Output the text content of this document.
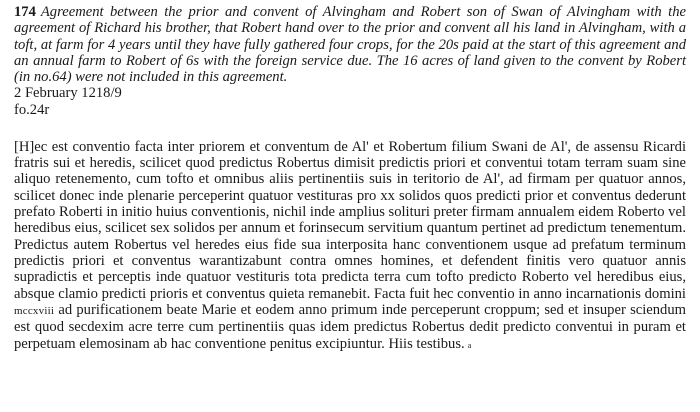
174 Agreement between the prior and convent of Alvingham and Robert son of Swan of Alvingham with the agreement of Richard his brother, that Robert hand over to the prior and convent all his land in Alvingham, with a toft, at farm for 4 years until they have fully gathered four crops, for the 20s paid at the start of this agreement and an annual farm to Robert of 6s with the foreign service due. The 16 acres of land given to the convent by Robert (in no.64) were not included in this agreement.

2 February 1218/9

fo.24r

[H]ec est conventio facta inter priorem et conventum de Al' et Robertum filium Swani de Al', de assensu Ricardi fratris sui et heredis, scilicet quod predictus Robertus dimisit predictis priori et conventui totam terram suam sine aliquo retenemento, cum tofto et omnibus aliis pertinentiis suis in teritorio de Al', ad firmam per quatuor annos, scilicet donec inde plenarie perceperint quatuor vestituras pro xx solidos quos predicti prior et conventus dederunt prefato Roberti in initio huius conventionis, nichil inde amplius solituri preter firmam annualem eidem Roberto vel heredibus eius, scilicet sex solidos per annum et forinsecum servitium quantum pertinet ad predictum tenementum. Predictus autem Robertus vel heredes eius fide sua interposita hanc conventionem usque ad prefatum terminum predictis priori et conventus warantizabunt contra omnes homines, et defendent finitis vero quatuor annis supradictis et perceptis inde quatuor vestituris tota predicta terra cum tofto predicto Roberto vel heredibus eius, absque clamio predicti prioris et conventus quieta remanebit. Facta fuit hec conventio in anno incarnationis domini mccxviii ad purificationem beate Marie et eodem anno primum inde perceperunt croppum; sed et insuper sciendum est quod secdexim acre terre cum pertinentiis quas idem predictus Robertus dedit predicto conventui in puram et perpetuam elemosinam ab hac conventione penitus excipiuntur. Hiis testibus. a
